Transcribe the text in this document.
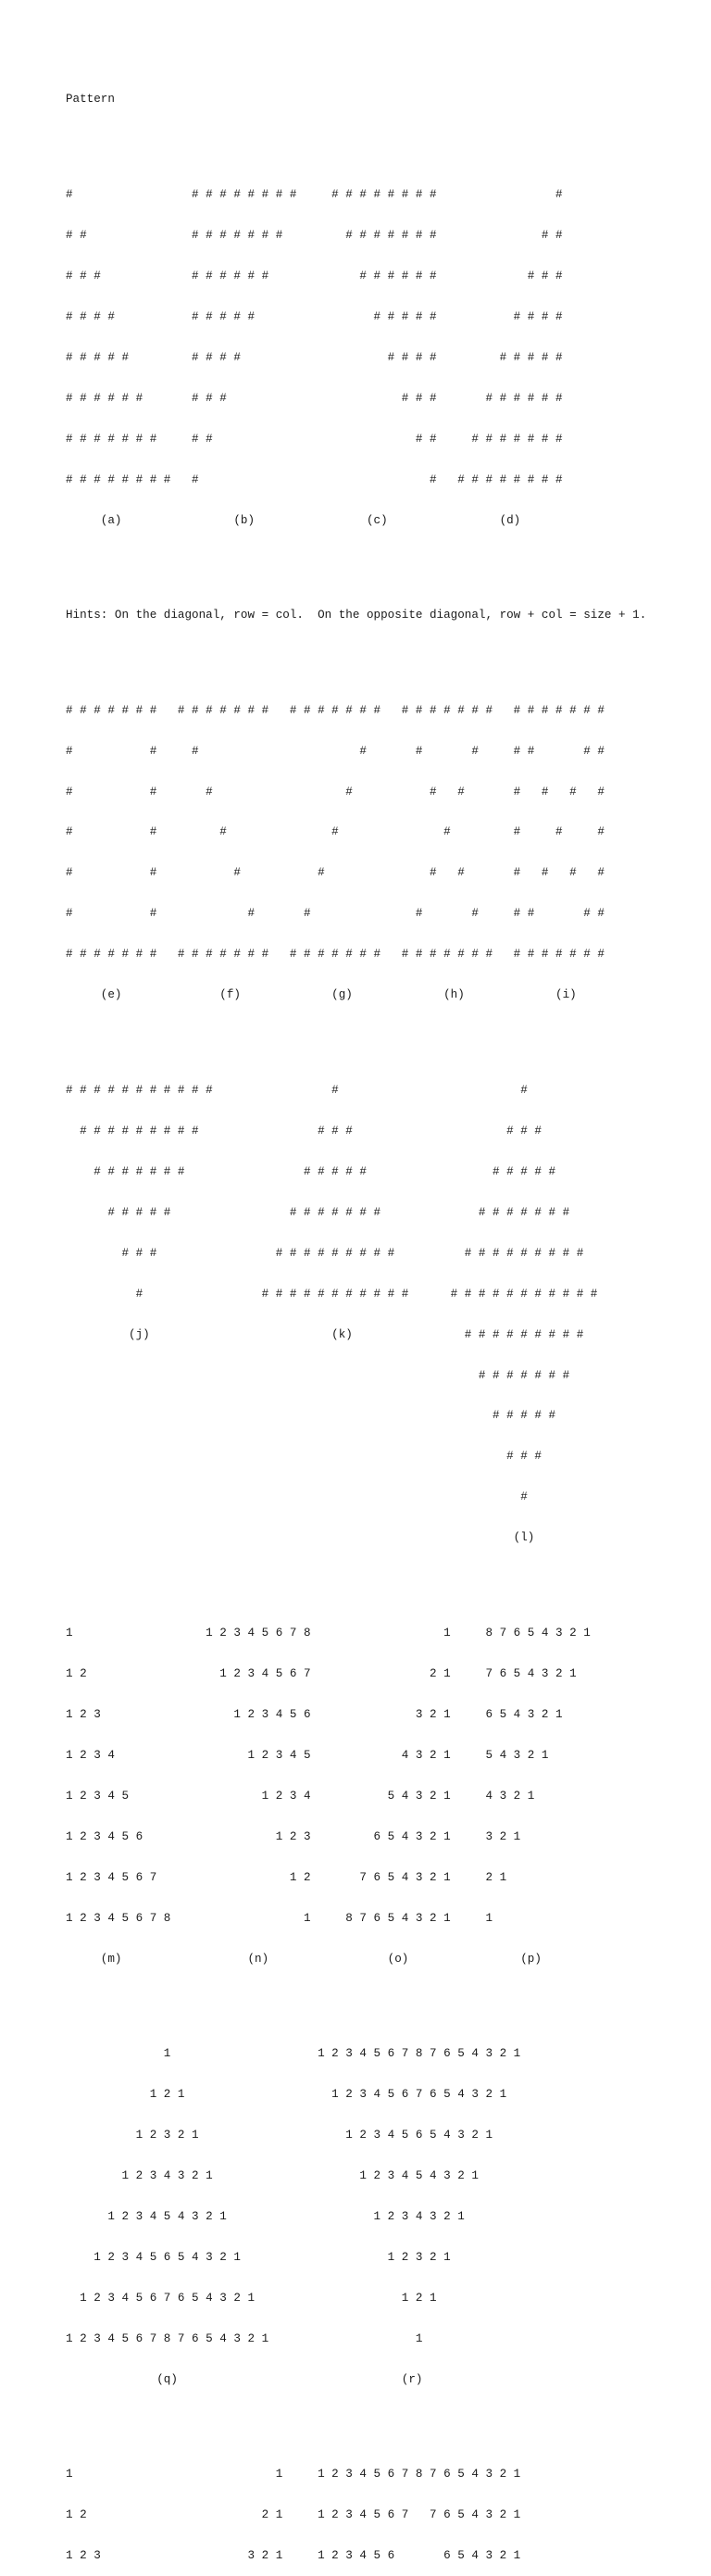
Pattern

#                 # # # # # # # #     # # # # # # # #                 #

# #               # # # # # # #         # # # # # # #               # #

# # #             # # # # # #             # # # # # #             # # #

# # # #           # # # # #                 # # # # #           # # # #

# # # # #         # # # #                     # # # #         # # # # #

# # # # # #       # # #                         # # #       # # # # # #

# # # # # # #     # #                             # #     # # # # # # #

# # # # # # # #   #                                 #   # # # # # # # #

(a)                (b)                (c)                (d)

Hints: On the diagonal, row = col.  On the opposite diagonal, row + col = size + 1.

# # # # # # #   # # # # # # #   # # # # # # #   # # # # # # #   # # # # # # #

#           #     #                       #       #       #     # #       # #

#           #       #                   #           #   #       #   #   #   #

#           #         #               #               #         #     #     #

#           #           #           #               #   #       #   #   #   #

#           #             #       #               #       #     # #       # #

# # # # # # #   # # # # # # #   # # # # # # #   # # # # # # #   # # # # # # #

(e)              (f)             (g)             (h)             (i)

# # # # # # # # # # #                 #                          #

# # # # # # # # #                 # # #                      # # #

# # # # # # #                 # # # # #                  # # # # #

# # # # #                 # # # # # # #              # # # # # # #

# # #                 # # # # # # # # #          # # # # # # # # #

#                 # # # # # # # # # # #      # # # # # # # # # # #

(j)                          (k)                # # # # # # # # #

# # # # # # #

# # # # #

# # #

#

(l)

1                   1 2 3 4 5 6 7 8                   1     8 7 6 5 4 3 2 1

1 2                   1 2 3 4 5 6 7                 2 1     7 6 5 4 3 2 1

1 2 3                   1 2 3 4 5 6               3 2 1     6 5 4 3 2 1

1 2 3 4                   1 2 3 4 5             4 3 2 1     5 4 3 2 1

1 2 3 4 5                   1 2 3 4           5 4 3 2 1     4 3 2 1

1 2 3 4 5 6                   1 2 3         6 5 4 3 2 1     3 2 1

1 2 3 4 5 6 7                   1 2       7 6 5 4 3 2 1     2 1

1 2 3 4 5 6 7 8                   1     8 7 6 5 4 3 2 1     1

(m)                  (n)                 (o)                (p)

1                     1 2 3 4 5 6 7 8 7 6 5 4 3 2 1

1 2 1                     1 2 3 4 5 6 7 6 5 4 3 2 1

1 2 3 2 1                     1 2 3 4 5 6 5 4 3 2 1

1 2 3 4 3 2 1                     1 2 3 4 5 4 3 2 1

1 2 3 4 5 4 3 2 1                     1 2 3 4 3 2 1

1 2 3 4 5 6 5 4 3 2 1                     1 2 3 2 1

1 2 3 4 5 6 7 6 5 4 3 2 1                     1 2 1

1 2 3 4 5 6 7 8 7 6 5 4 3 2 1                     1

(q)                                (r)

1                             1     1 2 3 4 5 6 7 8 7 6 5 4 3 2 1

1 2                         2 1     1 2 3 4 5 6 7   7 6 5 4 3 2 1

1 2 3                     3 2 1     1 2 3 4 5 6       6 5 4 3 2 1
